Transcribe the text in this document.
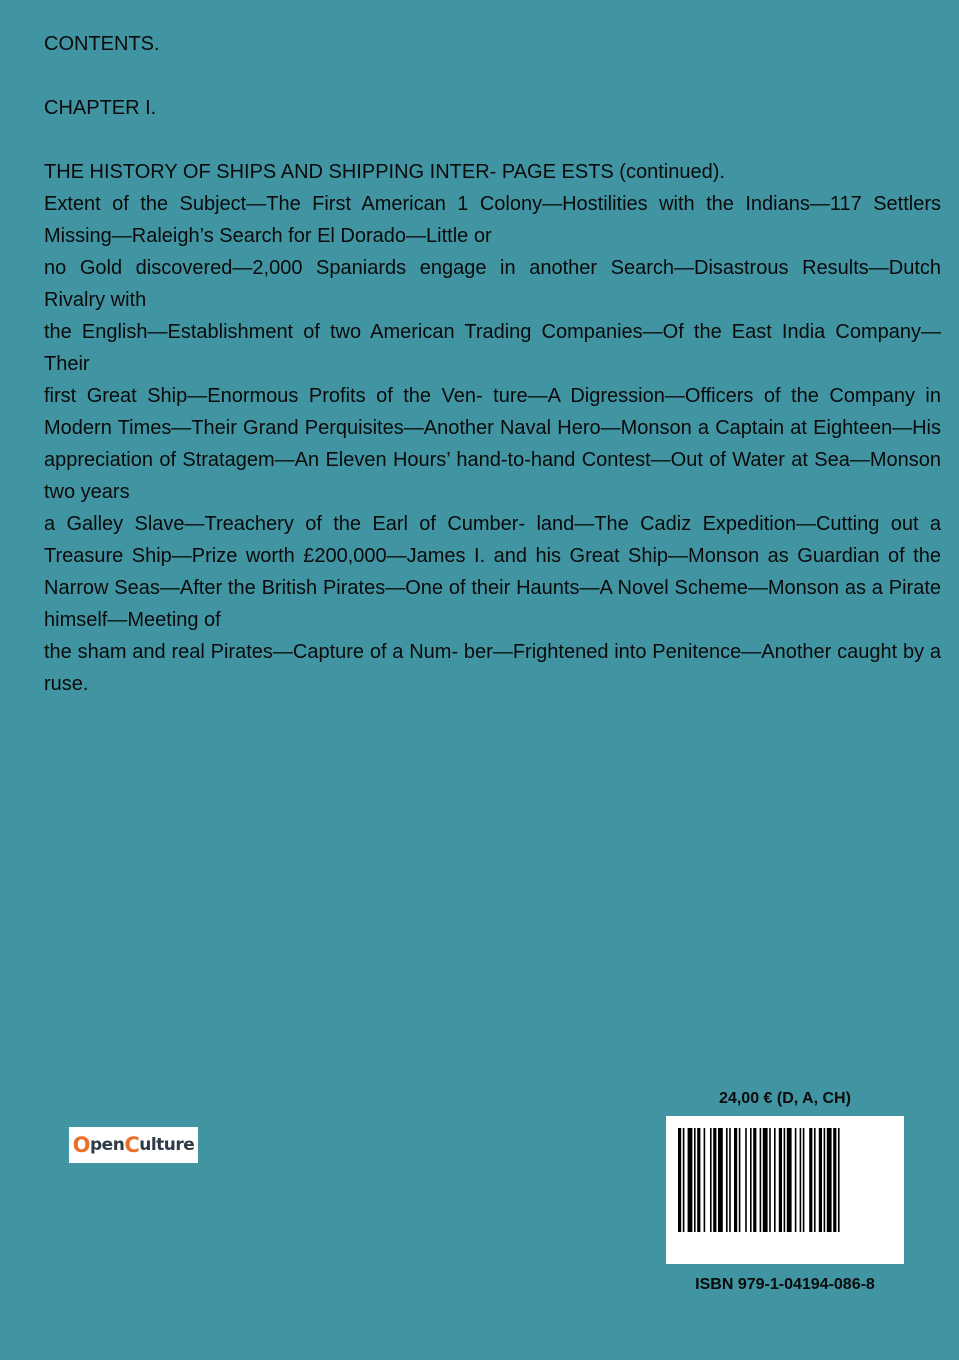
CONTENTS.

CHAPTER I.

THE HISTORY OF SHIPS AND SHIPPING INTER- PAGE ESTS (continued).

Extent of the Subject—The First American 1 Colony—Hostilities with the Indians—117 Settlers Missing—Raleigh’s Search for El Dorado—Little or

no Gold discovered—2,000 Spaniards engage in another Search—Disastrous Results—Dutch Rivalry with

the English—Establishment of two American Trading Companies—Of the East India Company—Their

first Great Ship—Enormous Profits of the Ven- ture—A Digression—Officers of the Company in Modern Times—Their Grand Perquisites—Another Naval Hero—Monson a Captain at Eighteen—His appreciation of Stratagem—An Eleven Hours’ hand-to-hand Contest—Out of Water at Sea—Monson two years

a Galley Slave—Treachery of the Earl of Cumber- land—The Cadiz Expedition—Cutting out a Treasure Ship—Prize worth £200,000—James I. and his Great Ship—Monson as Guardian of the Narrow Seas—After the British Pirates—One of their Haunts—A Novel Scheme—Monson as a Pirate himself—Meeting of

the sham and real Pirates—Capture of a Num- ber—Frightened into Penitence—Another caught by a ruse.

O pen C ulture
24,00 € (D, A, CH)
ISBN 979-1-04194-086-8
